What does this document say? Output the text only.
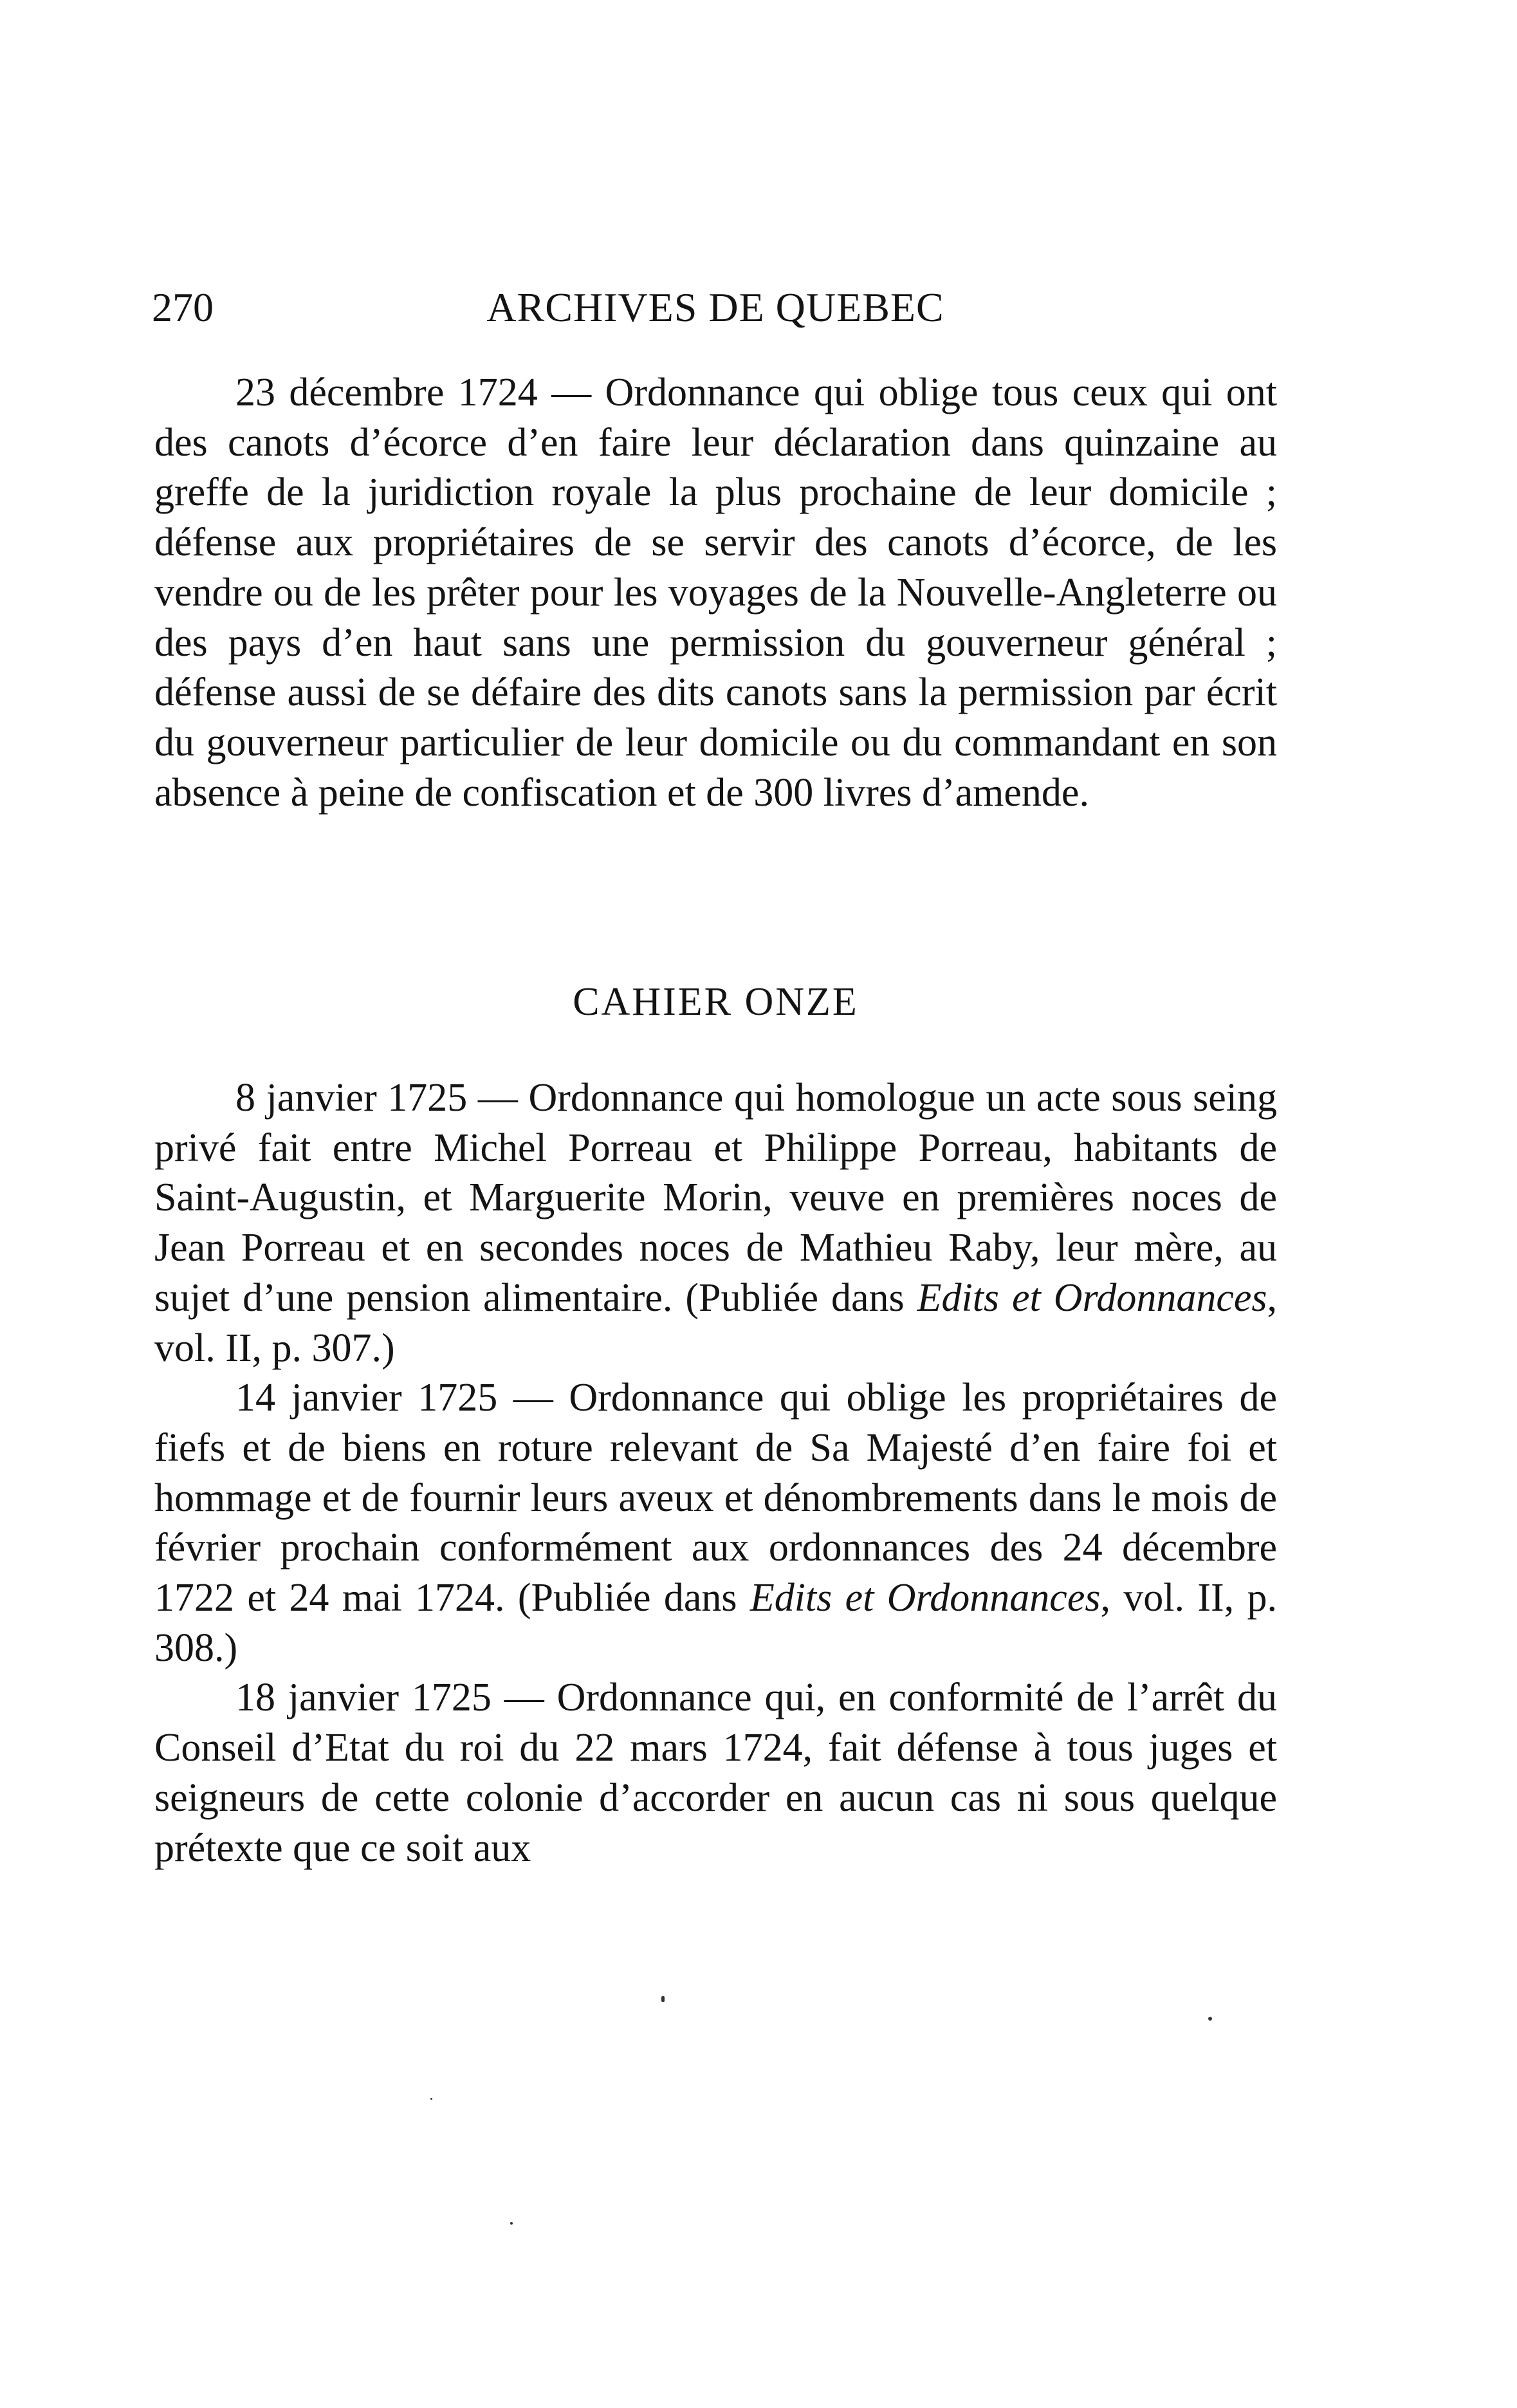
270	ARCHIVES DE QUEBEC

23 décembre 1724 — Ordonnance qui oblige tous ceux qui ont des canots d’écorce d’en faire leur déclaration dans quinzaine au greffe de la juridiction royale la plus prochaine de leur domicile ; défense aux propriétaires de se servir des canots d’écorce, de les vendre ou de les prêter pour les voyages de la Nouvelle-Angleterre ou des pays d’en haut sans une permission du gouverneur général ; défense aussi de se défaire des dits canots sans la permission par écrit du gouverneur particulier de leur domicile ou du commandant en son absence à peine de confiscation et de 300 livres d’amende.

CAHIER ONZE

8 janvier 1725 — Ordonnance qui homologue un acte sous seing privé fait entre Michel Porreau et Philippe Porreau, habitants de Saint-Augustin, et Marguerite Morin, veuve en premières noces de Jean Porreau et en secondes noces de Mathieu Raby, leur mère, au sujet d’une pension alimentaire. (Publiée dans Edits et Ordonnances, vol. II, p. 307.)

14 janvier 1725 — Ordonnance qui oblige les propriétaires de fiefs et de biens en roture relevant de Sa Majesté d’en faire foi et hommage et de fournir leurs aveux et dénombrements dans le mois de février prochain conformément aux ordonnances des 24 décembre 1722 et 24 mai 1724. (Publiée dans Edits et Ordonnances, vol. II, p. 308.)

18 janvier 1725 — Ordonnance qui, en conformité de l’arrêt du Conseil d’Etat du roi du 22 mars 1724, fait défense à tous juges et seigneurs de cette colonie d’accorder en aucun cas ni sous quelque prétexte que ce soit aux
